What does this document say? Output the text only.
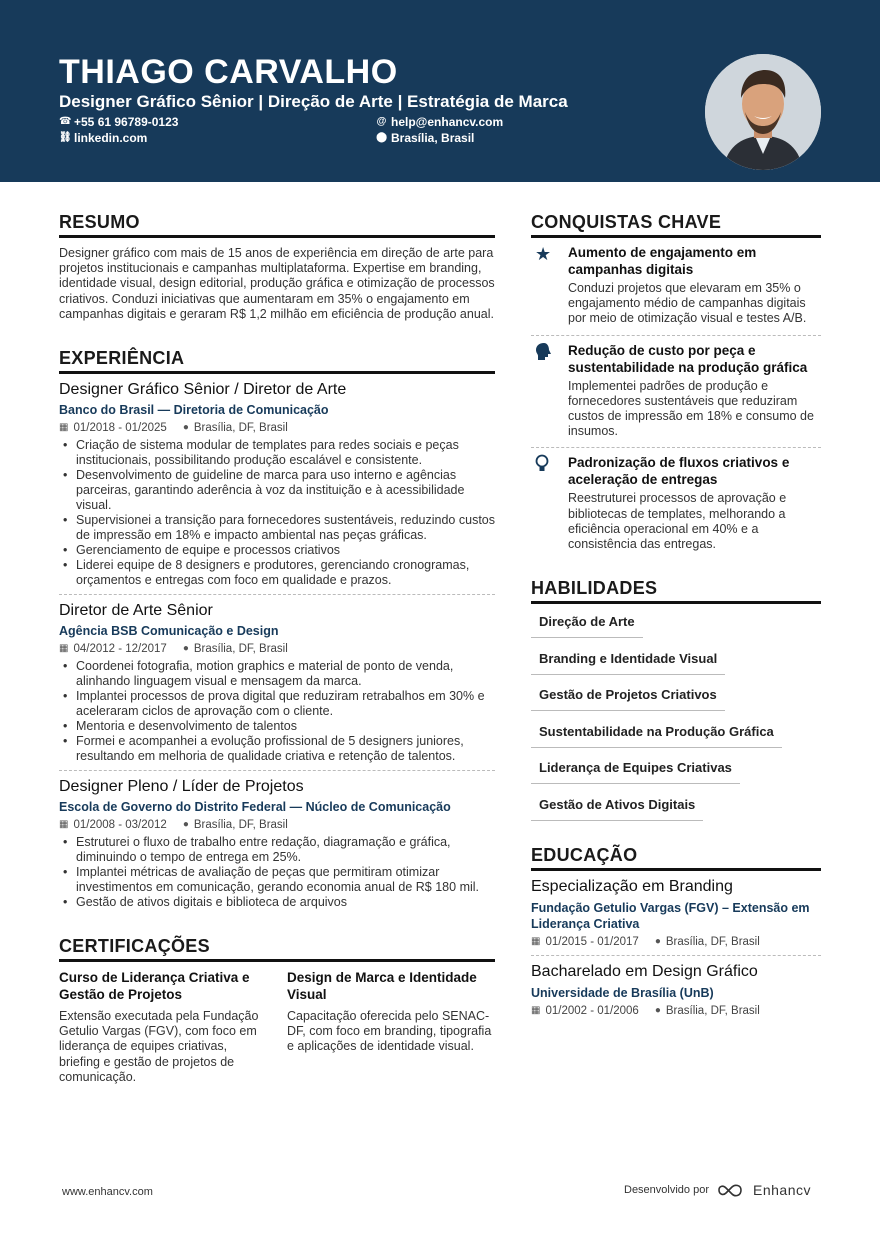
THIAGO CARVALHO
Designer Gráfico Sênior | Direção de Arte | Estratégia de Marca
☎ +55 61 96789-0123
⛓ linkedin.com
@ help@enhancv.com
⬤ Brasília, Brasil
RESUMO
Designer gráfico com mais de 15 anos de experiência em direção de arte para projetos institucionais e campanhas multiplataforma. Expertise em branding, identidade visual, design editorial, produção gráfica e otimização de processos criativos. Conduzi iniciativas que aumentaram em 35% o engajamento em campanhas digitais e geraram R$ 1,2 milhão em eficiência de produção anual.
EXPERIÊNCIA
Designer Gráfico Sênior / Diretor de Arte
Banco do Brasil — Diretoria de Comunicação
▦ 01/2018 - 01/2025 ● Brasília, DF, Brasil
• Criação de sistema modular de templates para redes sociais e peças institucionais, possibilitando produção escalável e consistente.
• Desenvolvimento de guideline de marca para uso interno e agências parceiras, garantindo aderência à voz da instituição e à acessibilidade visual.
• Supervisionei a transição para fornecedores sustentáveis, reduzindo custos de impressão em 18% e impacto ambiental nas peças gráficas.
• Gerenciamento de equipe e processos criativos
• Liderei equipe de 8 designers e produtores, gerenciando cronogramas, orçamentos e entregas com foco em qualidade e prazos.
Diretor de Arte Sênior
Agência BSB Comunicação e Design
▦ 04/2012 - 12/2017 ● Brasília, DF, Brasil
• Coordenei fotografia, motion graphics e material de ponto de venda, alinhando linguagem visual e mensagem da marca.
• Implantei processos de prova digital que reduziram retrabalhos em 30% e aceleraram ciclos de aprovação com o cliente.
• Mentoria e desenvolvimento de talentos
• Formei e acompanhei a evolução profissional de 5 designers juniores, resultando em melhoria de qualidade criativa e retenção de talentos.
Designer Pleno / Líder de Projetos
Escola de Governo do Distrito Federal — Núcleo de Comunicação
▦ 01/2008 - 03/2012 ● Brasília, DF, Brasil
• Estruturei o fluxo de trabalho entre redação, diagramação e gráfica, diminuindo o tempo de entrega em 25%.
• Implantei métricas de avaliação de peças que permitiram otimizar investimentos em comunicação, gerando economia anual de R$ 180 mil.
• Gestão de ativos digitais e biblioteca de arquivos
CERTIFICAÇÕES
Curso de Liderança Criativa e Gestão de Projetos
Extensão executada pela Fundação Getulio Vargas (FGV), com foco em liderança de equipes criativas, briefing e gestão de projetos de comunicação.
Design de Marca e Identidade Visual
Capacitação oferecida pelo SENAC-DF, com foco em branding, tipografia e aplicações de identidade visual.
CONQUISTAS CHAVE
★	Aumento de engajamento em campanhas digitais
Conduzi projetos que elevaram em 35% o engajamento médio de campanhas digitais por meio de otimização visual e testes A/B.
Redução de custo por peça e sustentabilidade na produção gráfica
Implementei padrões de produção e fornecedores sustentáveis que reduziram custos de impressão em 18% e consumo de insumos.
Padronização de fluxos criativos e aceleração de entregas
Reestruturei processos de aprovação e bibliotecas de templates, melhorando a eficiência operacional em 40% e a consistência das entregas.
HABILIDADES
Direção de Arte
Branding e Identidade Visual
Gestão de Projetos Criativos
Sustentabilidade na Produção Gráfica
Liderança de Equipes Criativas
Gestão de Ativos Digitais
EDUCAÇÃO
Especialização em Branding
Fundação Getulio Vargas (FGV) – Extensão em Liderança Criativa
▦ 01/2015 - 01/2017 ● Brasília, DF, Brasil
Bacharelado em Design Gráfico
Universidade de Brasília (UnB)
▦ 01/2002 - 01/2006 ● Brasília, DF, Brasil
www.enhancv.com	Desenvolvido por	Enhancv
